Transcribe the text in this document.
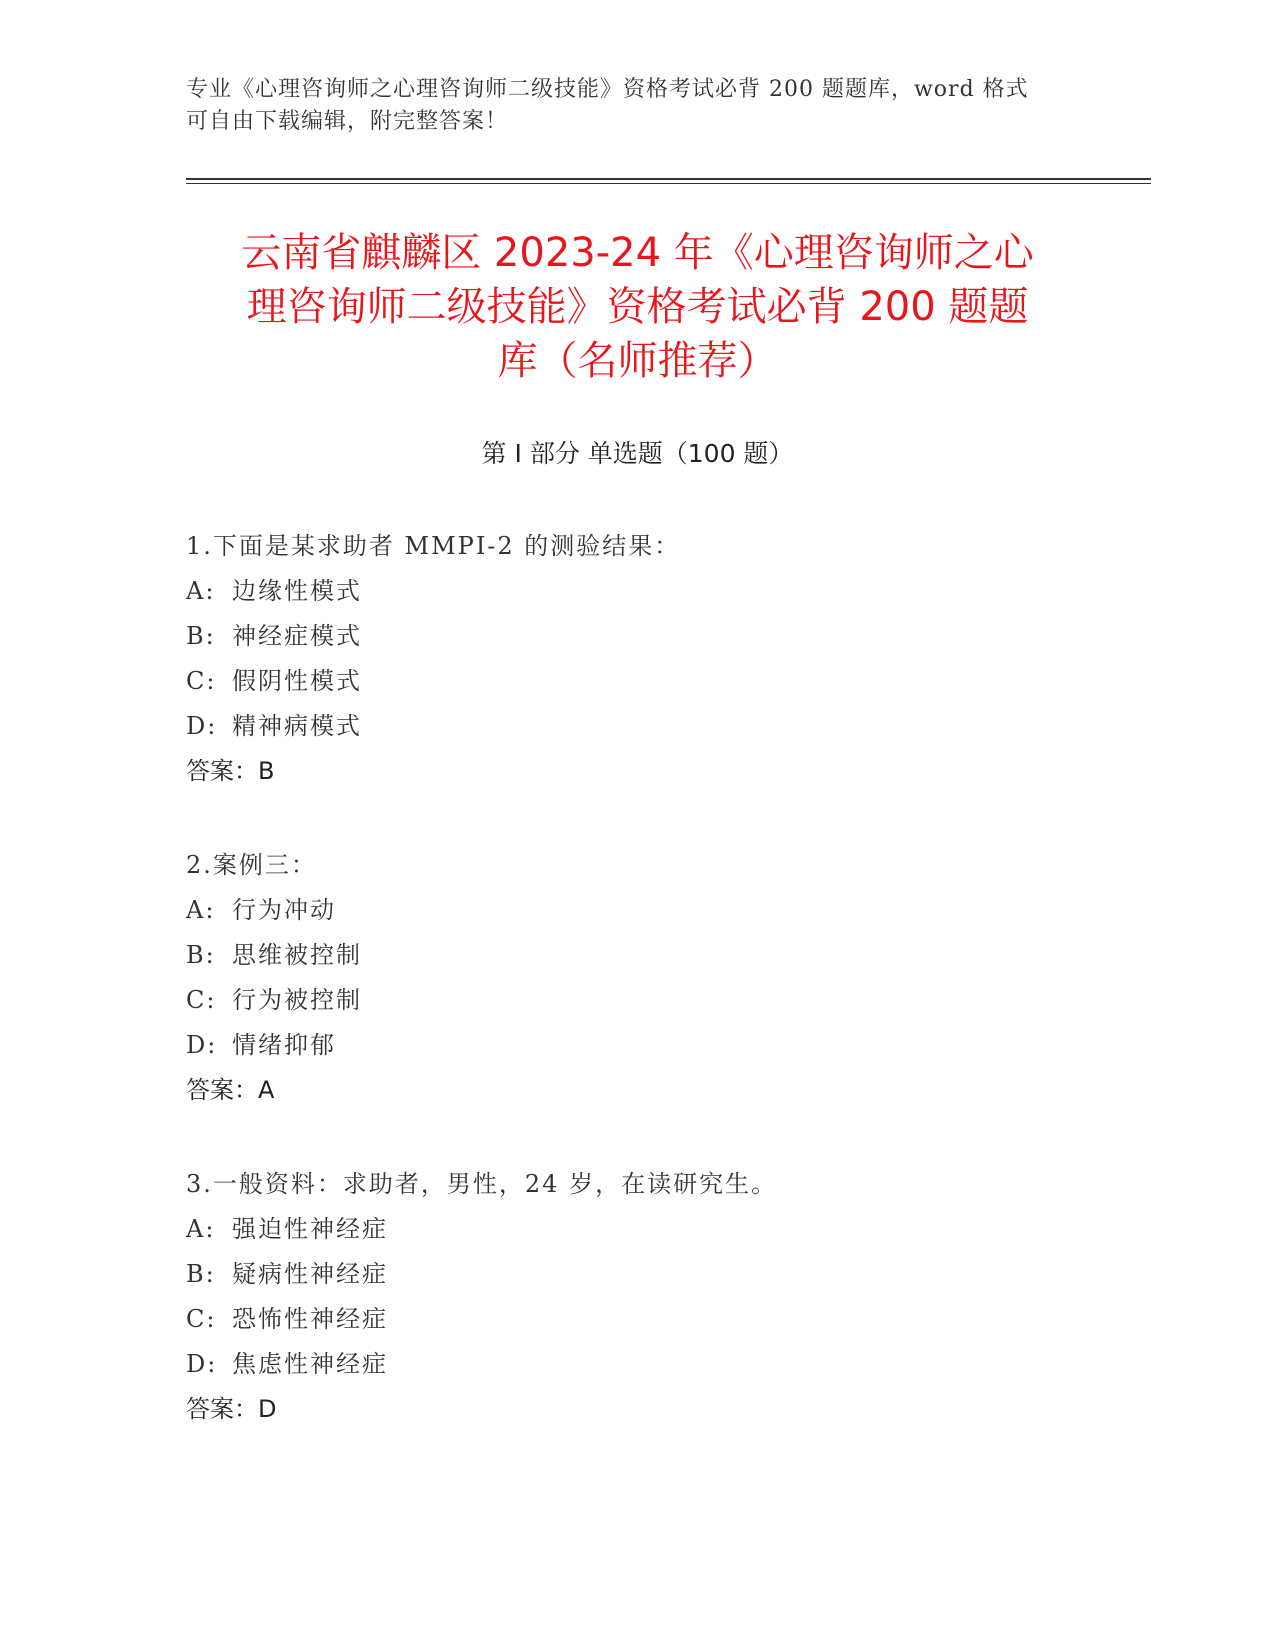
专业《心理咨询师之心理咨询师二级技能》资格考试必背 200 题题库，word 格式
可自由下载编辑，附完整答案！
云南省麒麟区 2023-24 年《心理咨询师之心
理咨询师二级技能》资格考试必背 200 题题
库（名师推荐）
第 I 部分 单选题（100 题）
1.下面是某求助者 MMPI-2 的测验结果：
A: 边缘性模式
B: 神经症模式
C: 假阴性模式
D: 精神病模式
答案：B
2.案例三：
A: 行为冲动
B: 思维被控制
C: 行为被控制
D: 情绪抑郁
答案：A
3.一般资料：求助者，男性，24 岁，在读研究生。
A: 强迫性神经症
B: 疑病性神经症
C: 恐怖性神经症
D: 焦虑性神经症
答案：D
